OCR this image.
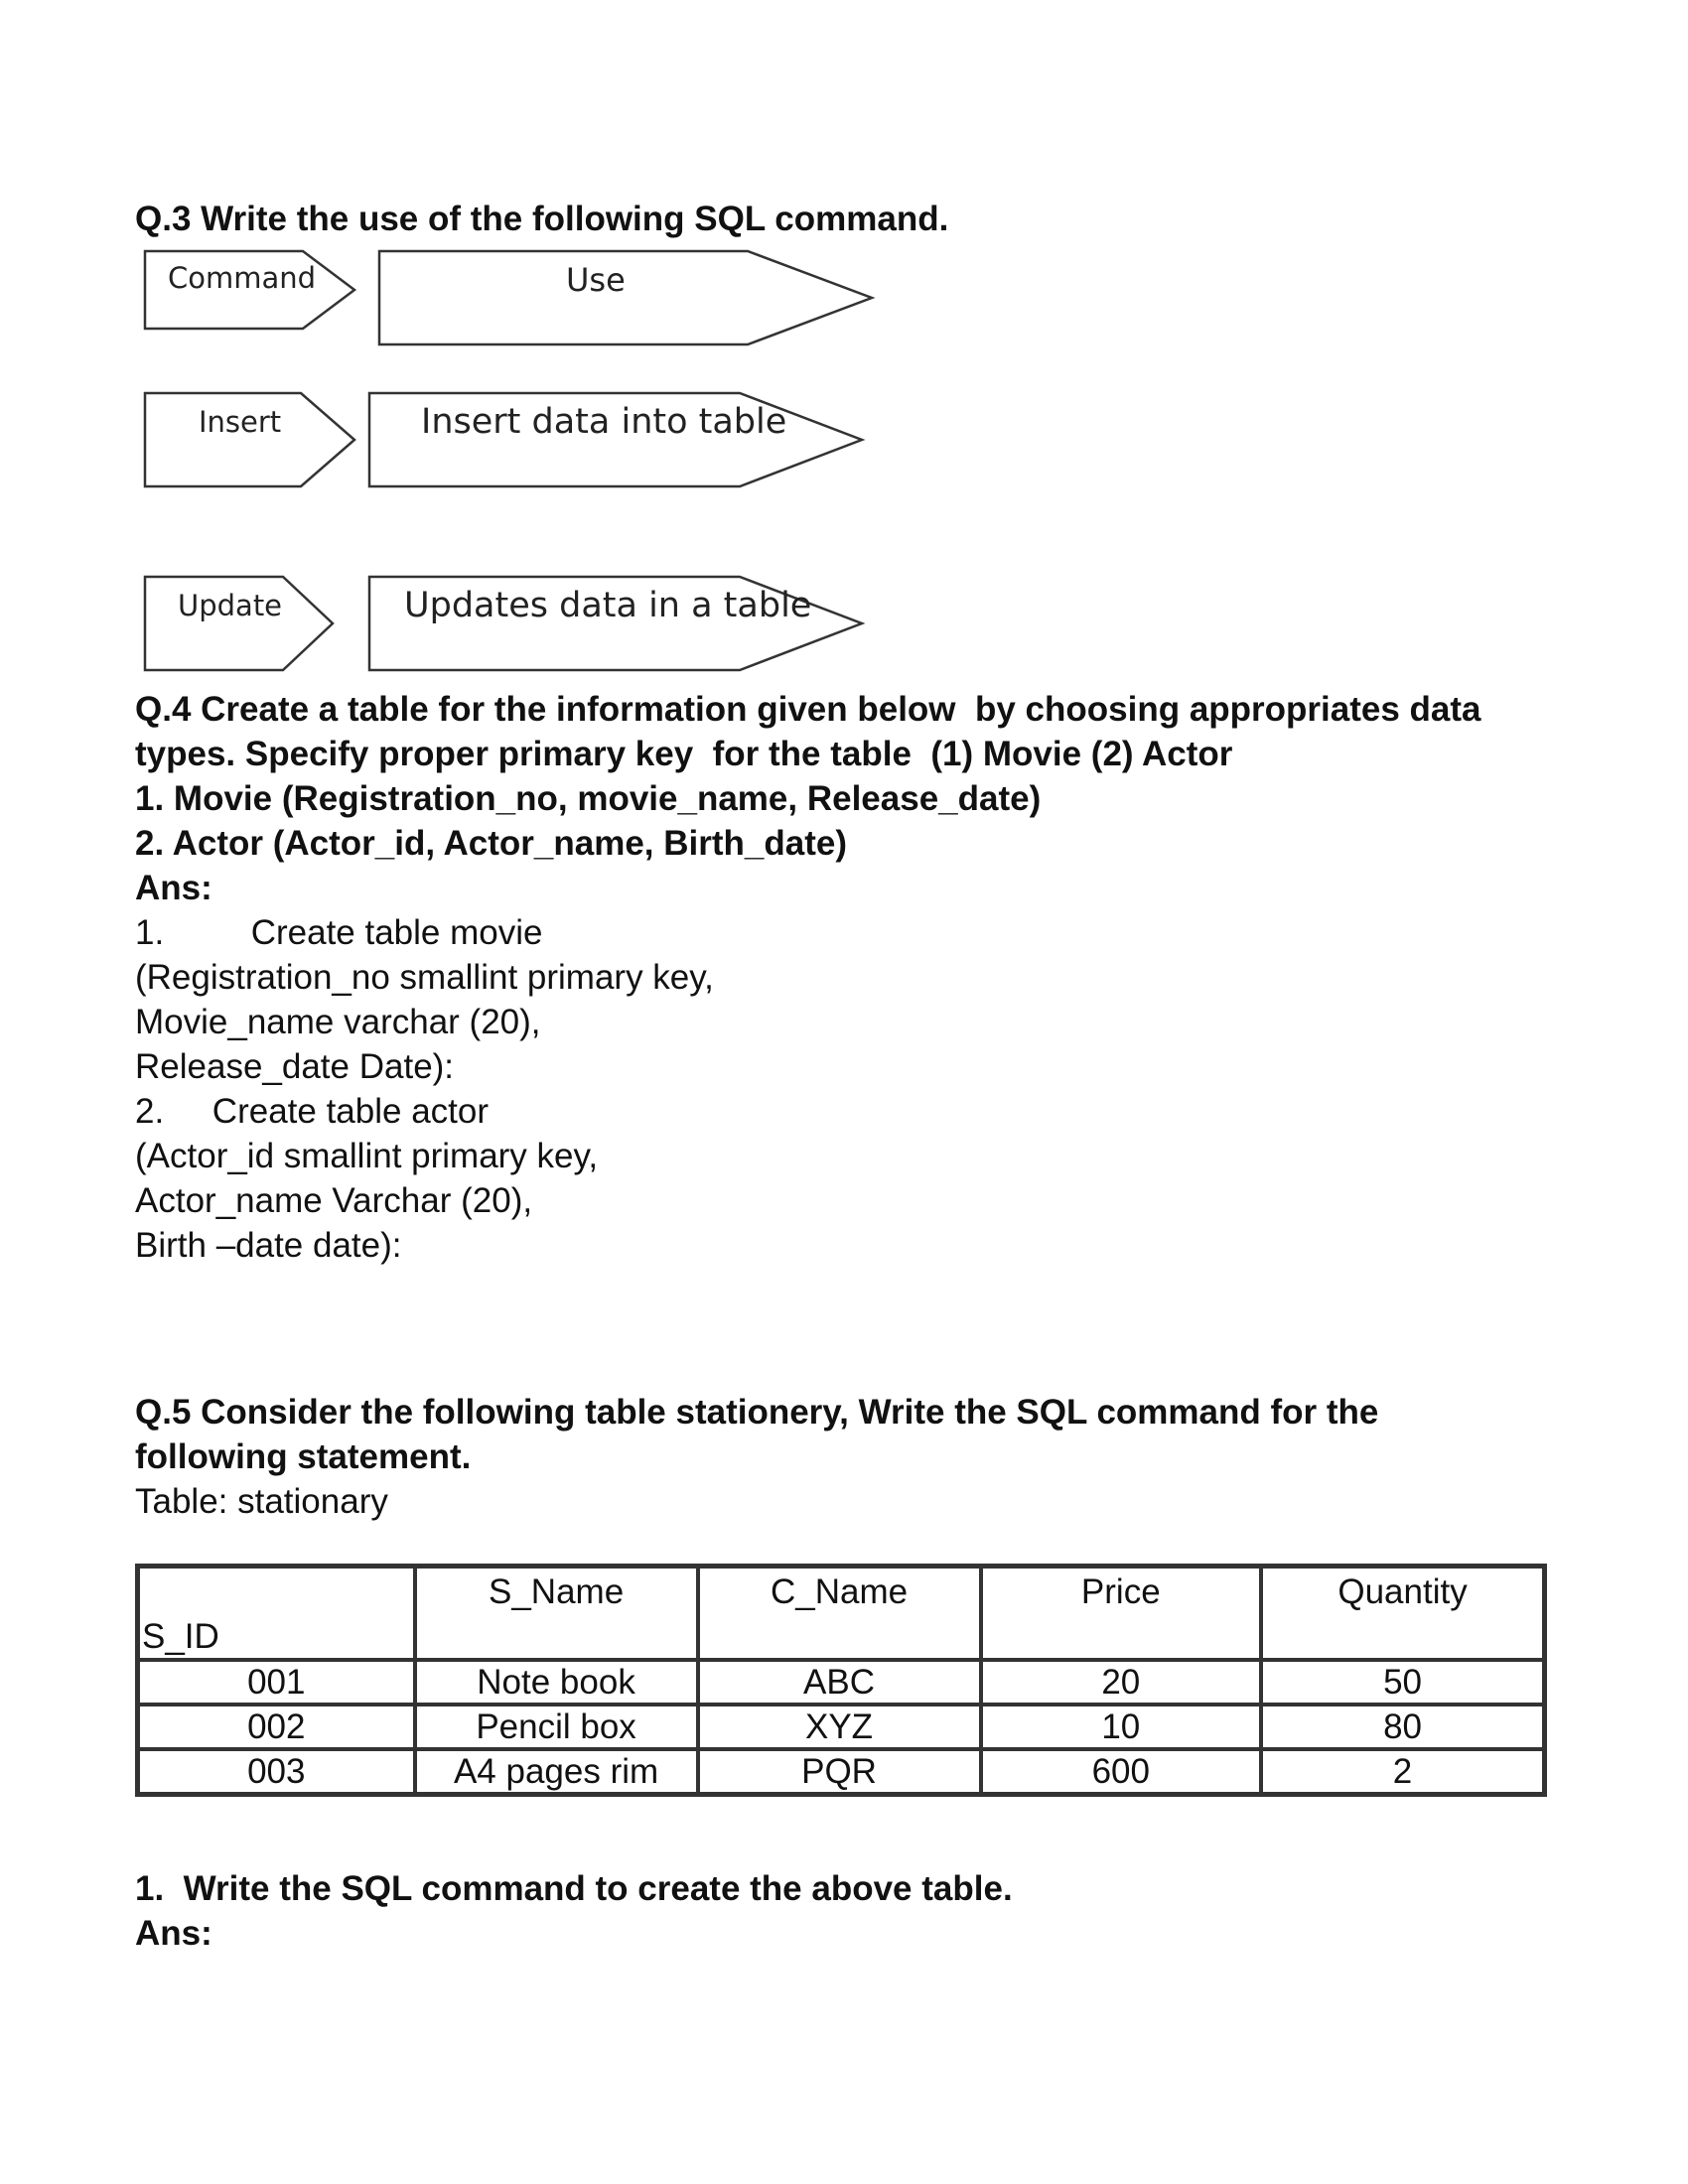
Q.3 Write the use of the following SQL command.
Command	Use
Insert	Insert data into table
Update	Updates data in a table
Q.4 Create a table for the information given below  by choosing appropriates data
types. Specify proper primary key  for the table  (1) Movie (2) Actor
1. Movie (Registration_no, movie_name, Release_date)
2. Actor (Actor_id, Actor_name, Birth_date)
Ans:
1.         Create table movie
(Registration_no smallint primary key,
Movie_name varchar (20),
Release_date Date):
2.     Create table actor
(Actor_id smallint primary key,
Actor_name Varchar (20),
Birth –date date):
Q.5 Consider the following table stationery, Write the SQL command for the
following statement.
Table: stationary
S_ID	S_Name	C_Name	Price	Quantity
001	Note book	ABC	20	50
002	Pencil box	XYZ	10	80
003	A4 pages rim	PQR	600	2
1.  Write the SQL command to create the above table.
Ans:
